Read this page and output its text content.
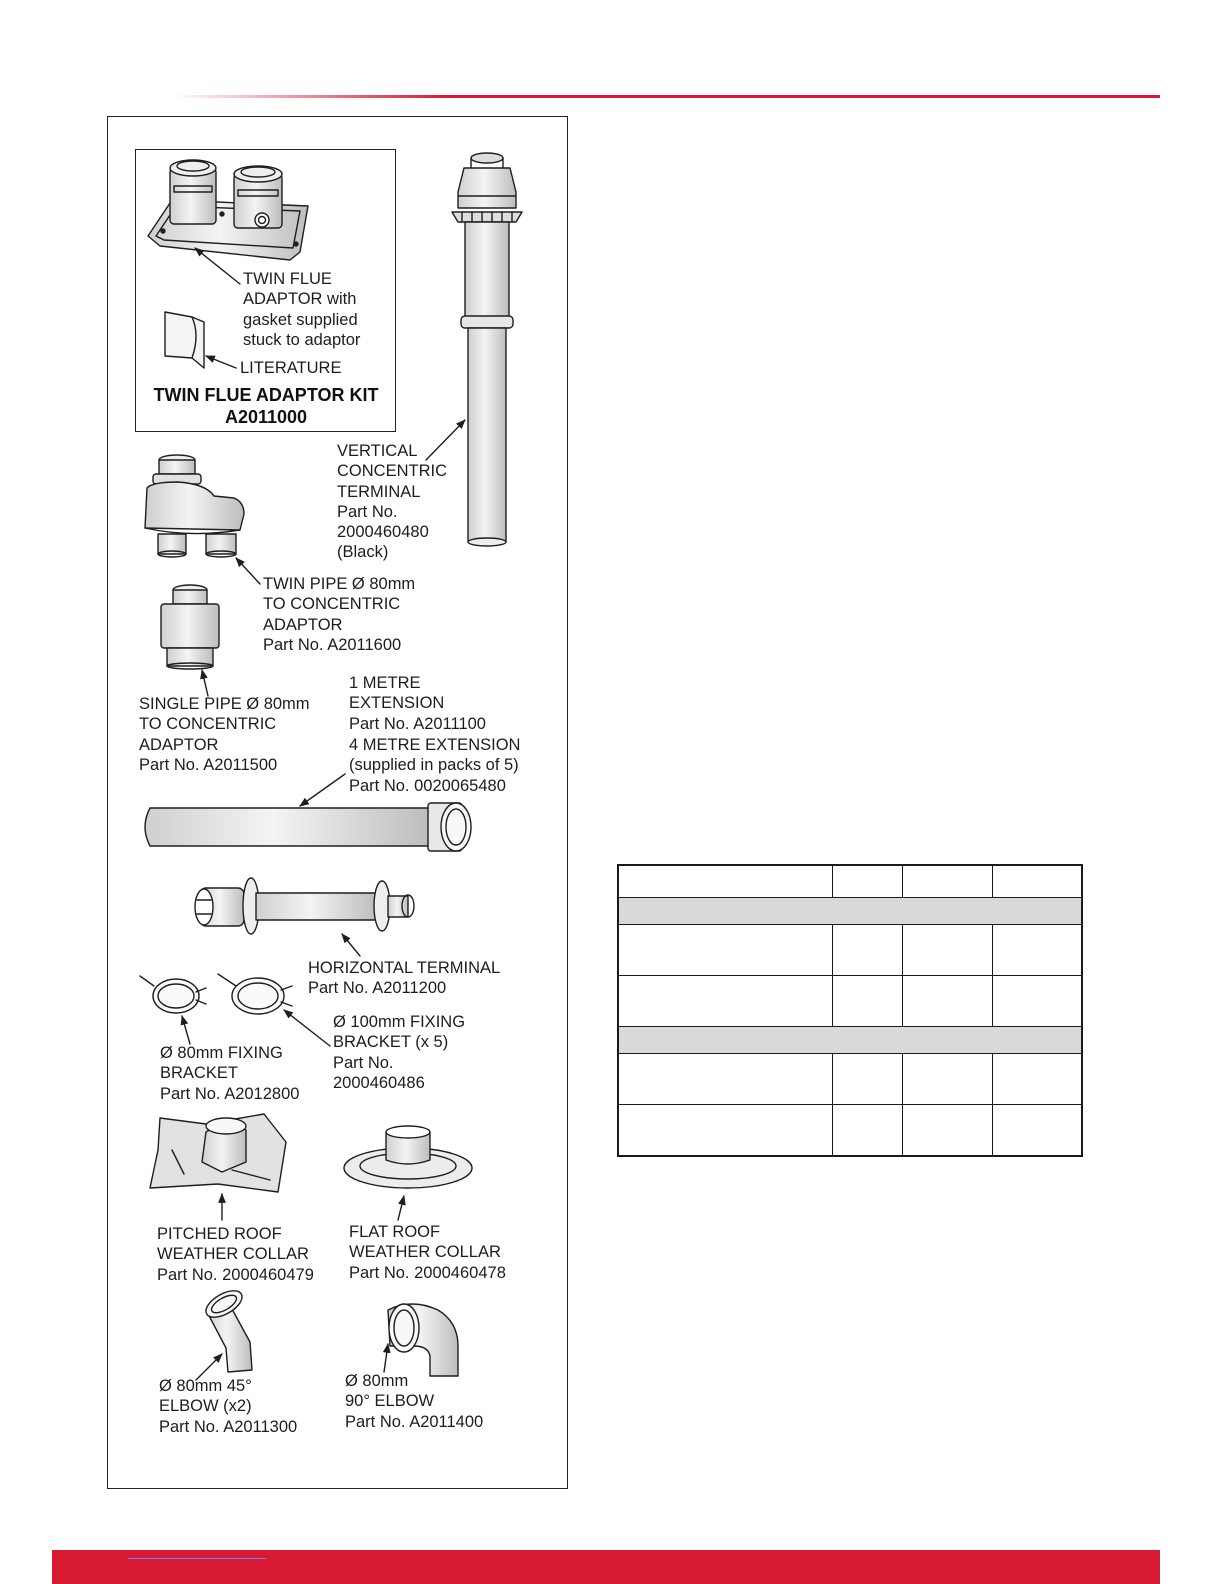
TWIN FLUE
ADAPTOR with
gasket supplied
stuck to adaptor
LITERATURE
TWIN FLUE ADAPTOR KIT
A2011000
VERTICAL
CONCENTRIC
TERMINAL
Part No.
2000460480
(Black)
TWIN PIPE Ø 80mm
TO CONCENTRIC
ADAPTOR
Part No. A2011600
SINGLE PIPE Ø 80mm
TO CONCENTRIC
ADAPTOR
Part No. A2011500
1 METRE
EXTENSION
Part No. A2011100
4 METRE EXTENSION
(supplied in packs of 5)
Part No. 0020065480
HORIZONTAL TERMINAL
Part No. A2011200
Ø 80mm FIXING
BRACKET
Part No. A2012800
Ø 100mm FIXING
BRACKET (x 5)
Part No.
2000460486
PITCHED ROOF
WEATHER COLLAR
Part No. 2000460479
FLAT ROOF
WEATHER COLLAR
Part No. 2000460478
Ø 80mm 45°
ELBOW (x2)
Part No. A2011300
Ø 80mm
90° ELBOW
Part No. A2011400
